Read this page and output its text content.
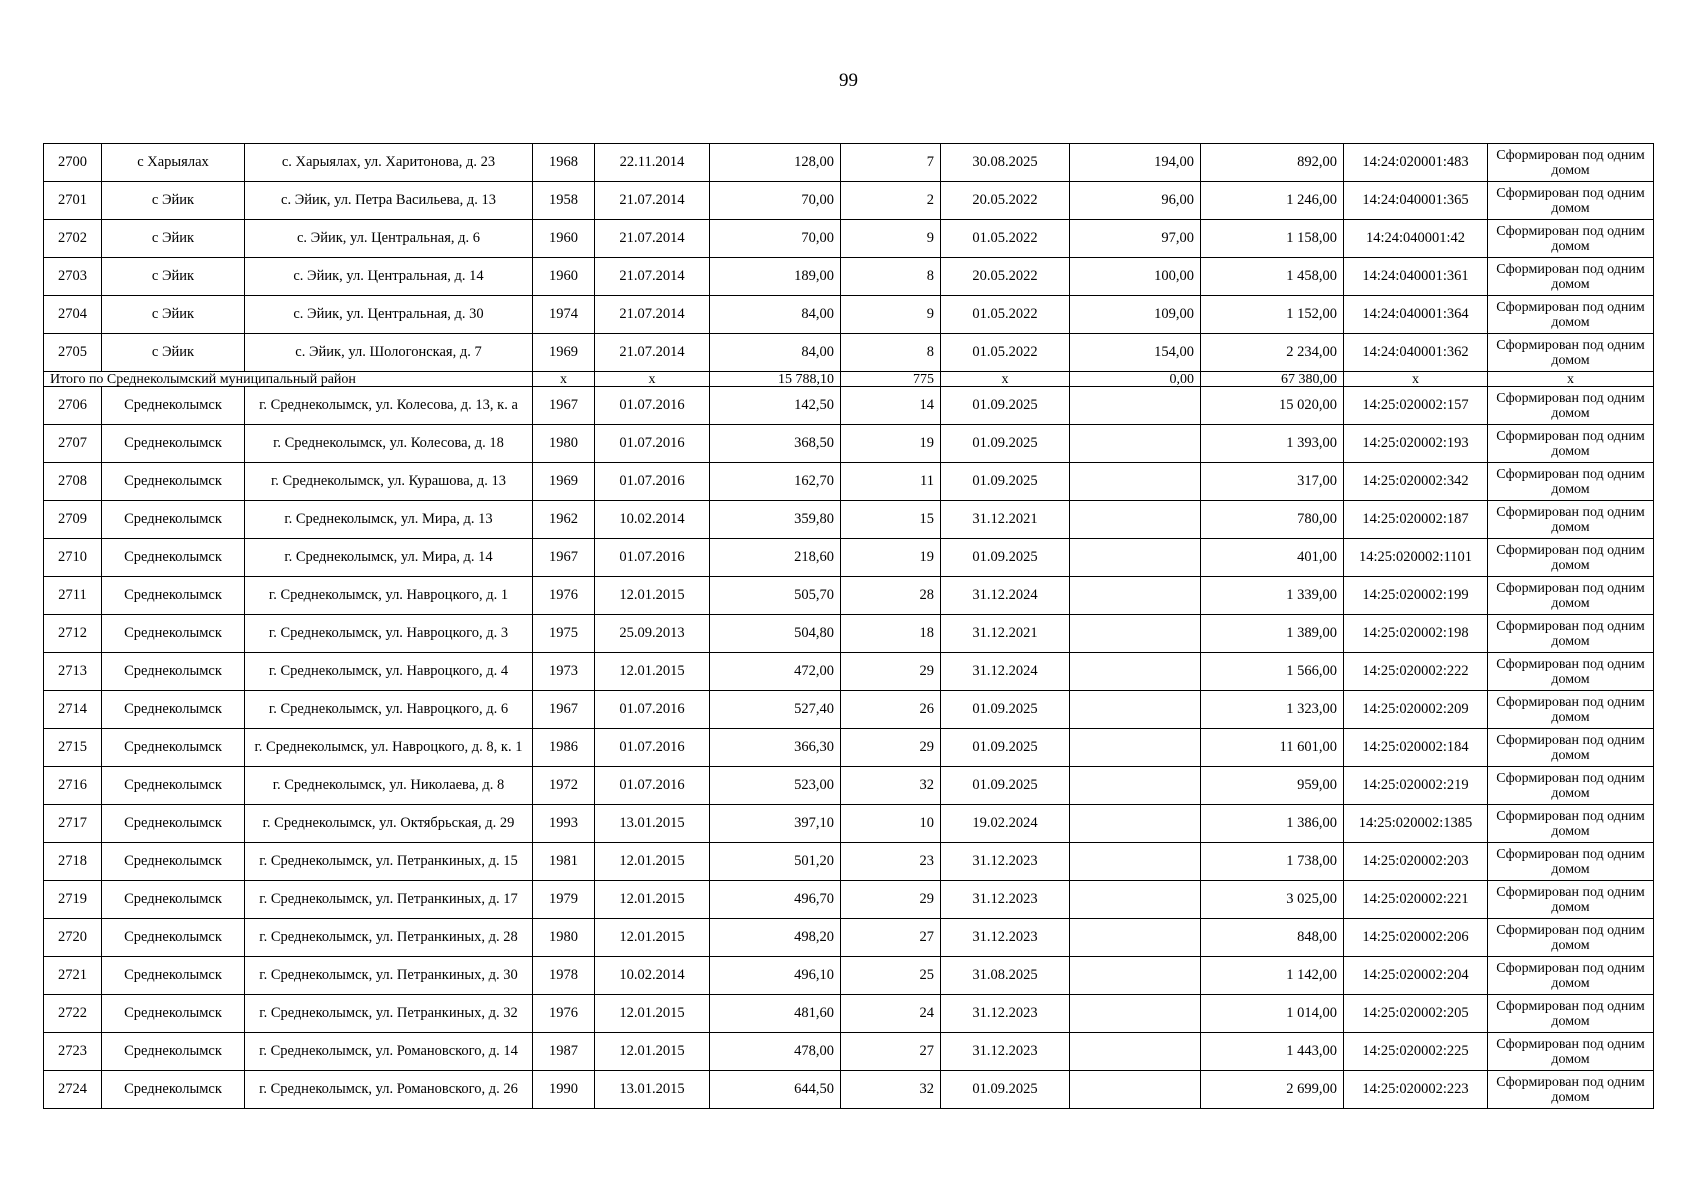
99
2700	с Харыялах	с. Харыялах, ул. Харитонова, д. 23	1968	22.11.2014	128,00	7	30.08.2025	194,00	892,00	14:24:020001:483	Сформирован под одним домом
2701	с Эйик	с. Эйик, ул. Петра Васильева, д. 13	1958	21.07.2014	70,00	2	20.05.2022	96,00	1 246,00	14:24:040001:365	Сформирован под одним домом
2702	с Эйик	с. Эйик, ул. Центральная, д. 6	1960	21.07.2014	70,00	9	01.05.2022	97,00	1 158,00	14:24:040001:42	Сформирован под одним домом
2703	с Эйик	с. Эйик, ул. Центральная, д. 14	1960	21.07.2014	189,00	8	20.05.2022	100,00	1 458,00	14:24:040001:361	Сформирован под одним домом
2704	с Эйик	с. Эйик, ул. Центральная, д. 30	1974	21.07.2014	84,00	9	01.05.2022	109,00	1 152,00	14:24:040001:364	Сформирован под одним домом
2705	с Эйик	с. Эйик, ул. Шологонская, д. 7	1969	21.07.2014	84,00	8	01.05.2022	154,00	2 234,00	14:24:040001:362	Сформирован под одним домом
Итого по Среднеколымский муниципальный район			x	x	15 788,10	775	x	0,00	67 380,00	x	x
2706	Среднеколымск	г. Среднеколымск, ул. Колесова, д. 13, к. а	1967	01.07.2016	142,50	14	01.09.2025		15 020,00	14:25:020002:157	Сформирован под одним домом
2707	Среднеколымск	г. Среднеколымск, ул. Колесова, д. 18	1980	01.07.2016	368,50	19	01.09.2025		1 393,00	14:25:020002:193	Сформирован под одним домом
2708	Среднеколымск	г. Среднеколымск, ул. Курашова, д. 13	1969	01.07.2016	162,70	11	01.09.2025		317,00	14:25:020002:342	Сформирован под одним домом
2709	Среднеколымск	г. Среднеколымск, ул. Мира, д. 13	1962	10.02.2014	359,80	15	31.12.2021		780,00	14:25:020002:187	Сформирован под одним домом
2710	Среднеколымск	г. Среднеколымск, ул. Мира, д. 14	1967	01.07.2016	218,60	19	01.09.2025		401,00	14:25:020002:1101	Сформирован под одним домом
2711	Среднеколымск	г. Среднеколымск, ул. Навроцкого, д. 1	1976	12.01.2015	505,70	28	31.12.2024		1 339,00	14:25:020002:199	Сформирован под одним домом
2712	Среднеколымск	г. Среднеколымск, ул. Навроцкого, д. 3	1975	25.09.2013	504,80	18	31.12.2021		1 389,00	14:25:020002:198	Сформирован под одним домом
2713	Среднеколымск	г. Среднеколымск, ул. Навроцкого, д. 4	1973	12.01.2015	472,00	29	31.12.2024		1 566,00	14:25:020002:222	Сформирован под одним домом
2714	Среднеколымск	г. Среднеколымск, ул. Навроцкого, д. 6	1967	01.07.2016	527,40	26	01.09.2025		1 323,00	14:25:020002:209	Сформирован под одним домом
2715	Среднеколымск	г. Среднеколымск, ул. Навроцкого, д. 8, к. 1	1986	01.07.2016	366,30	29	01.09.2025		11 601,00	14:25:020002:184	Сформирован под одним домом
2716	Среднеколымск	г. Среднеколымск, ул. Николаева, д. 8	1972	01.07.2016	523,00	32	01.09.2025		959,00	14:25:020002:219	Сформирован под одним домом
2717	Среднеколымск	г. Среднеколымск, ул. Октябрьская, д. 29	1993	13.01.2015	397,10	10	19.02.2024		1 386,00	14:25:020002:1385	Сформирован под одним домом
2718	Среднеколымск	г. Среднеколымск, ул. Петранкиных, д. 15	1981	12.01.2015	501,20	23	31.12.2023		1 738,00	14:25:020002:203	Сформирован под одним домом
2719	Среднеколымск	г. Среднеколымск, ул. Петранкиных, д. 17	1979	12.01.2015	496,70	29	31.12.2023		3 025,00	14:25:020002:221	Сформирован под одним домом
2720	Среднеколымск	г. Среднеколымск, ул. Петранкиных, д. 28	1980	12.01.2015	498,20	27	31.12.2023		848,00	14:25:020002:206	Сформирован под одним домом
2721	Среднеколымск	г. Среднеколымск, ул. Петранкиных, д. 30	1978	10.02.2014	496,10	25	31.08.2025		1 142,00	14:25:020002:204	Сформирован под одним домом
2722	Среднеколымск	г. Среднеколымск, ул. Петранкиных, д. 32	1976	12.01.2015	481,60	24	31.12.2023		1 014,00	14:25:020002:205	Сформирован под одним домом
2723	Среднеколымск	г. Среднеколымск, ул. Романовского, д. 14	1987	12.01.2015	478,00	27	31.12.2023		1 443,00	14:25:020002:225	Сформирован под одним домом
2724	Среднеколымск	г. Среднеколымск, ул. Романовского, д. 26	1990	13.01.2015	644,50	32	01.09.2025		2 699,00	14:25:020002:223	Сформирован под одним домом
